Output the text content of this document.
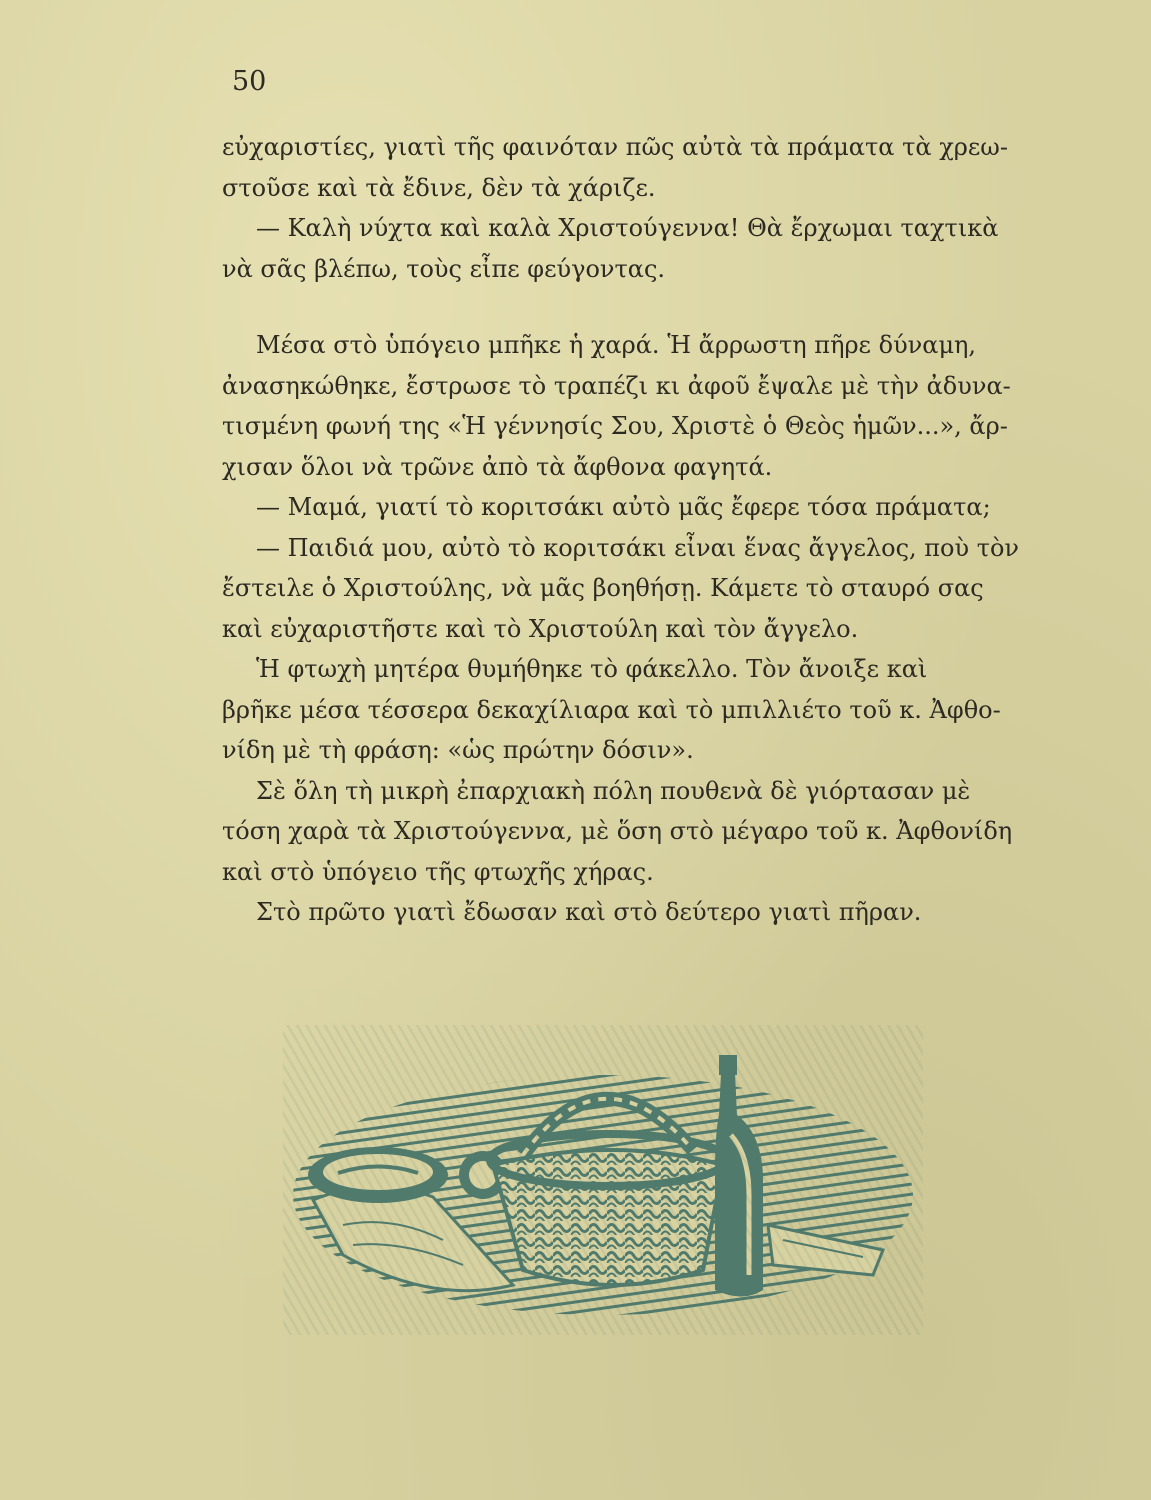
50
εὐχαριστίες, γιατὶ τῆς φαινόταν πῶς αὐτὰ τὰ πράματα τὰ χρεω-
στοῦσε καὶ τὰ ἔδινε, δὲν τὰ χάριζε.
— Καλὴ νύχτα καὶ καλὰ Χριστούγεννα! Θὰ ἔρχωμαι ταχτικὰ
νὰ σᾶς βλέπω, τοὺς εἶπε φεύγοντας.
Μέσα στὸ ὑπόγειο μπῆκε ἡ χαρά. Ἡ ἄρρωστη πῆρε δύναμη,
ἀνασηκώθηκε, ἔστρωσε τὸ τραπέζι κι ἀφοῦ ἔψαλε μὲ τὴν ἀδυνα-
τισμένη φωνή της «Ἡ γέννησίς Σου, Χριστὲ ὁ Θεὸς ἡμῶν...», ἄρ-
χισαν ὅλοι νὰ τρῶνε ἀπὸ τὰ ἄφθονα φαγητά.
— Μαμά, γιατί τὸ κοριτσάκι αὐτὸ μᾶς ἔφερε τόσα πράματα;
— Παιδιά μου, αὐτὸ τὸ κοριτσάκι εἶναι ἕνας ἄγγελος, ποὺ τὸν
ἔστειλε ὁ Χριστούλης, νὰ μᾶς βοηθήσῃ. Κάμετε τὸ σταυρό σας
καὶ εὐχαριστῆστε καὶ τὸ Χριστούλη καὶ τὸν ἄγγελο.
Ἡ φτωχὴ μητέρα θυμήθηκε τὸ φάκελλο. Τὸν ἄνοιξε καὶ
βρῆκε μέσα τέσσερα δεκαχίλιαρα καὶ τὸ μπιλλιέτο τοῦ κ. Ἀφθο-
νίδη μὲ τὴ φράση: «ὡς πρώτην δόσιν».
Σὲ ὅλη τὴ μικρὴ ἐπαρχιακὴ πόλη πουθενὰ δὲ γιόρτασαν μὲ
τόση χαρὰ τὰ Χριστούγεννα, μὲ ὅση στὸ μέγαρο τοῦ κ. Ἀφθονίδη
καὶ στὸ ὑπόγειο τῆς φτωχῆς χήρας.
Στὸ πρῶτο γιατὶ ἔδωσαν καὶ στὸ δεύτερο γιατὶ πῆραν.
